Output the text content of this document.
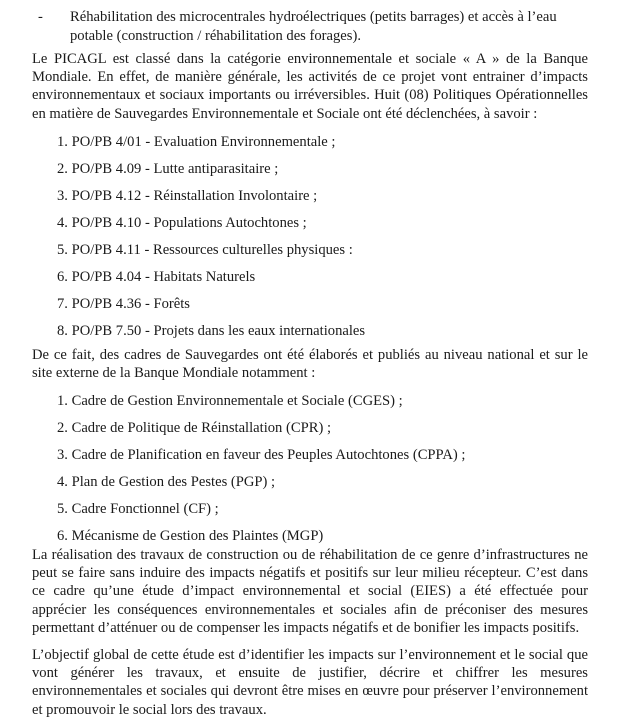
- Réhabilitation des microcentrales hydroélectriques (petits barrages) et accès à l’eau potable (construction / réhabilitation des forages).

Le PICAGL est classé dans la catégorie environnementale et sociale « A » de la Banque Mondiale. En effet, de manière générale, les activités de ce projet vont entrainer d’impacts environnementaux et sociaux importants ou irréversibles. Huit (08) Politiques Opérationnelles en matière de Sauvegardes Environnementale et Sociale ont été déclenchées, à savoir :

1. PO/PB 4/01 - Evaluation Environnementale ;
2. PO/PB 4.09 - Lutte antiparasitaire ;
3. PO/PB 4.12 - Réinstallation Involontaire ;
4. PO/PB 4.10 - Populations Autochtones ;
5. PO/PB 4.11 - Ressources culturelles physiques :
6. PO/PB 4.04 - Habitats Naturels
7. PO/PB 4.36 - Forêts
8. PO/PB 7.50 - Projets dans les eaux internationales

De ce fait, des cadres de Sauvegardes ont été élaborés et publiés au niveau national et sur le site externe de la Banque Mondiale notamment :

1. Cadre de Gestion Environnementale et Sociale (CGES) ;
2. Cadre de Politique de Réinstallation (CPR) ;
3. Cadre de Planification en faveur des Peuples Autochtones (CPPA) ;
4. Plan de Gestion des Pestes (PGP) ;
5. Cadre Fonctionnel (CF) ;
6. Mécanisme de Gestion des Plaintes (MGP)

La réalisation des travaux de construction ou de réhabilitation de ce genre d’infrastructures ne peut se faire sans induire des impacts négatifs et positifs sur leur milieu récepteur. C’est dans ce cadre qu’une étude d’impact environnemental et social (EIES) a été effectuée pour apprécier les conséquences environnementales et sociales afin de préconiser des mesures permettant d’atténuer ou de compenser les impacts négatifs et de bonifier les impacts positifs.

L’objectif global de cette étude est d’identifier les impacts sur l’environnement et le social que vont générer les travaux, et ensuite de justifier, décrire et chiffrer les mesures environnementales et sociales qui devront être mises en œuvre pour préserver l’environnement et promouvoir le social lors des travaux.
